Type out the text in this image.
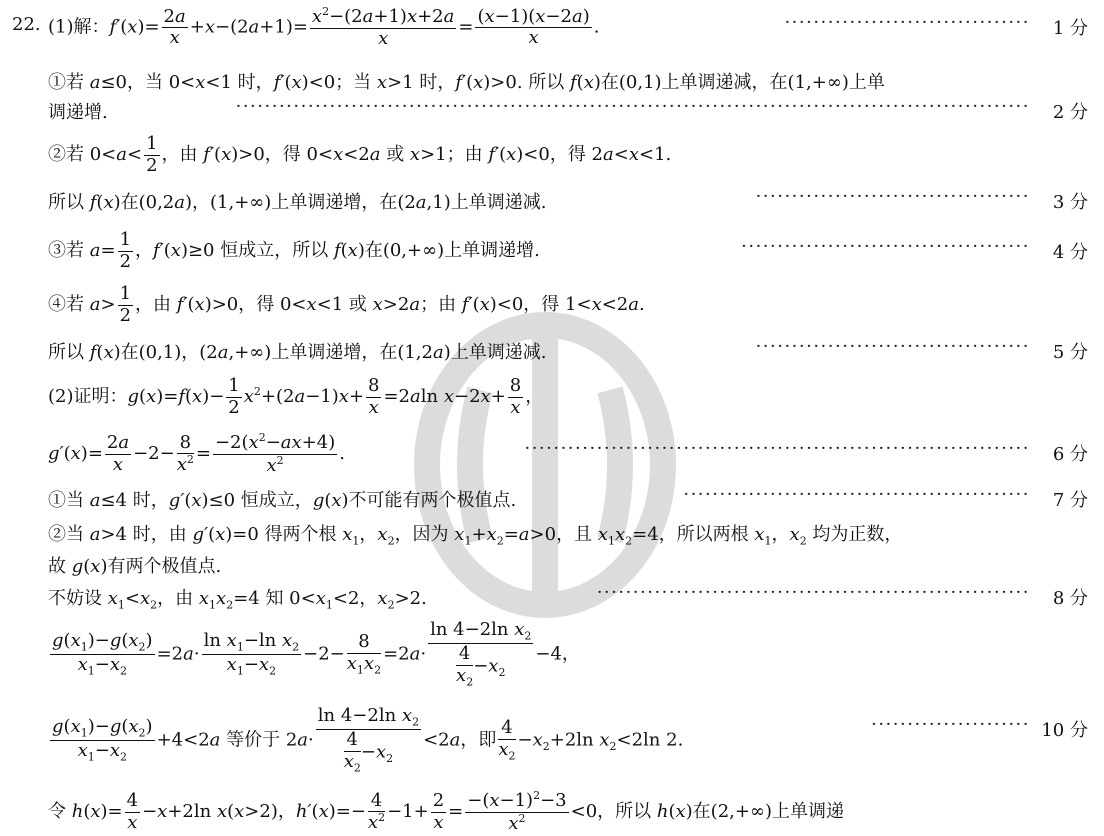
22. (1)解：$f'(x)= \frac{2a}{x} +x-(2a+1)= \frac{x^2-(2a+1)x+2a}{x} = \frac{(x-1)(x-2a)}{x}$ .	·································· 1 分
①若 a≤0，当 0<x<1 时，f′(x)<0；当 x>1 时，f′(x)>0. 所以 f(x)在(0,1)上单调递减，在(1,+∞)上单
调递增.	·············································································································· 2 分
②若 $0<a< \frac{1}{2}$ ，由 f′(x)>0，得 0<x<2a 或 x>1；由 f′(x)<0，得 2a<x<1.
所以 f(x)在(0,2a)，(1,+∞)上单调递增，在(2a,1)上单调递减.	······································ 3 分
③若 $a= \frac{1}{2}$ ，f′(x)≥0 恒成立，所以 f(x)在(0,+∞)上单调递增.	········································ 4 分
④若 $a> \frac{1}{2}$ ，由 f′(x)>0，得 0<x<1 或 x>2a；由 f′(x)<0，得 1<x<2a.
所以 f(x)在(0,1)，(2a,+∞)上单调递增，在(1,2a)上单调递减.	······································ 5 分
(2)证明：$g(x)=f(x)- \frac{1}{2} x^2+(2a-1)x+ \frac{8}{x} =2aln$ $x-2x+ \frac{8}{x}$ ，
$g'(x)= \frac{2a}{x} -2- \frac{8}{x^2} = \frac{-2(x^2-ax+4)}{x^2}$ .	······································································ 6 分
①当 a≤4 时，g′(x)≤0 恒成立，g(x)不可能有两个极值点.	················································ 7 分
②当 a>4 时，由 g′(x)=0 得两个根 $x_1$，$x_2$，因为 $x_1+x_2=a>0$，且 $x_1x_2=4$，所以两根 $x_1$，$x_2$ 均为正数，
故 g(x)有两个极值点.
不妨设 $x_1<x_2$，由 $x_1x_2=4$ 知 $0<x_1<2$，$x_2>2$.	···························································· 8 分
$\frac{g(x_1)-g(x_2)}{x_1-x_2} =2a\cdot \frac{\ln x_1-\ln x_2}{x_1-x_2} -2- \frac{8}{x_1x_2} =2a\cdot \frac{\ln 4-2\ln x_2}{\frac{4}{x_2} -x_2} -4$，
$\frac{g(x_1)-g(x_2)}{x_1-x_2} +4<2a$ 等价于 $2a\cdot \frac{\ln 4-2\ln x_2}{\frac{4}{x_2} -x_2} <2a$，即 $\frac{4}{x_2} -x_2+2\ln$ $x_2<2\ln$ 2.
······················ 10 分
令 $h(x)= \frac{4}{x} -x+2\ln$ x(x>2)，$h'(x)=- \frac{4}{x^2} -1+ \frac{2}{x} = \frac{-(x-1)^2-3}{x^2} <0$，所以 h(x)在(2,+∞)上单调递
